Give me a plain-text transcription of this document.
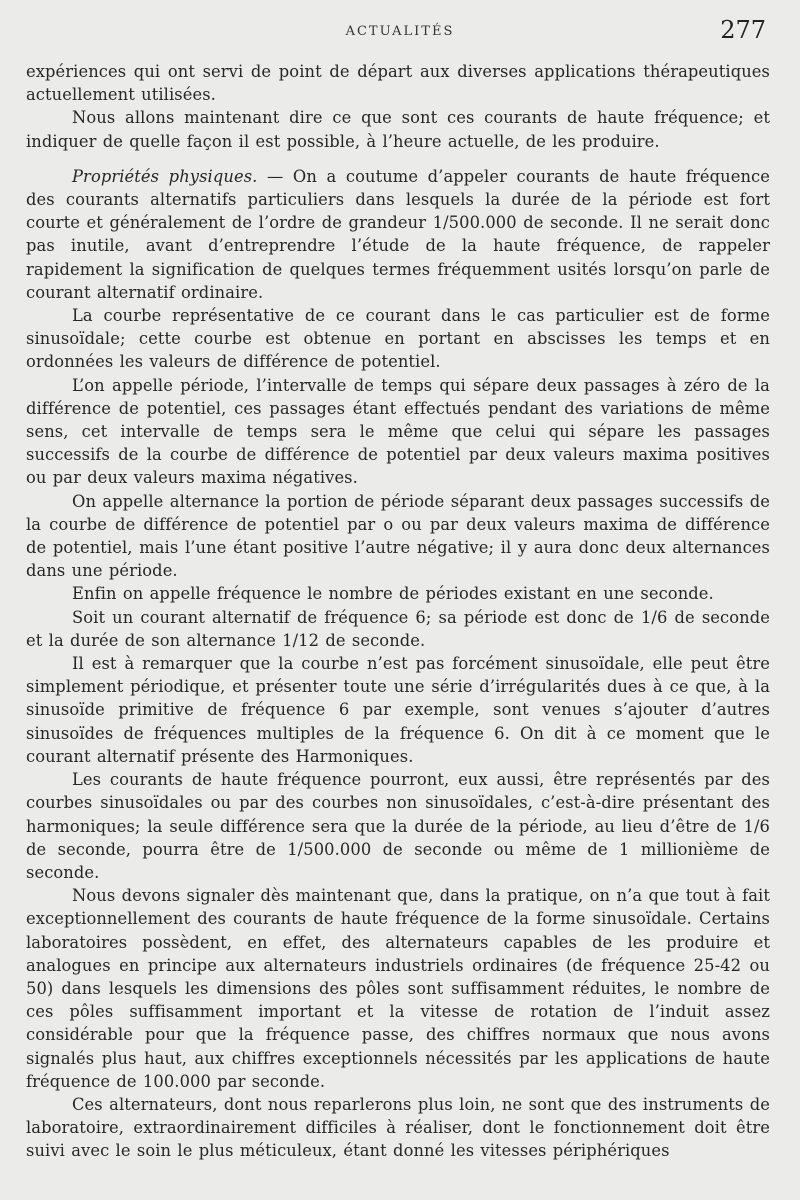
ACTUALITÉS	277

expériences qui ont servi de point de départ aux diverses applications thérapeutiques actuellement utilisées.

Nous allons maintenant dire ce que sont ces courants de haute fréquence; et indiquer de quelle façon il est possible, à l’heure actuelle, de les produire.

Propriétés physiques. — On a coutume d’appeler courants de haute fréquence des courants alternatifs particuliers dans lesquels la durée de la période est fort courte et généralement de l’ordre de grandeur 1/500.000 de seconde. Il ne serait donc pas inutile, avant d’entreprendre l’étude de la haute fréquence, de rappeler rapidement la signification de quelques termes fréquemment usités lorsqu’on parle de courant alternatif ordinaire.

La courbe représentative de ce courant dans le cas particulier est de forme sinusoïdale; cette courbe est obtenue en portant en abscisses les temps et en ordonnées les valeurs de différence de potentiel.

L’on appelle période, l’intervalle de temps qui sépare deux passages à zéro de la différence de potentiel, ces passages étant effectués pendant des variations de même sens, cet intervalle de temps sera le même que celui qui sépare les passages successifs de la courbe de différence de potentiel par deux valeurs maxima positives ou par deux valeurs maxima négatives.

On appelle alternance la portion de période séparant deux passages successifs de la courbe de différence de potentiel par o ou par deux valeurs maxima de différence de potentiel, mais l’une étant positive l’autre négative; il y aura donc deux alternances dans une période.

Enfin on appelle fréquence le nombre de périodes existant en une seconde.

Soit un courant alternatif de fréquence 6; sa période est donc de 1/6 de seconde et la durée de son alternance 1/12 de seconde.

Il est à remarquer que la courbe n’est pas forcément sinusoïdale, elle peut être simplement périodique, et présenter toute une série d’irrégularités dues à ce que, à la sinusoïde primitive de fréquence 6 par exemple, sont venues s’ajouter d’autres sinusoïdes de fréquences multiples de la fréquence 6. On dit à ce moment que le courant alternatif présente des Harmoniques.

Les courants de haute fréquence pourront, eux aussi, être représentés par des courbes sinusoïdales ou par des courbes non sinusoïdales, c’est-à-dire présentant des harmoniques; la seule différence sera que la durée de la période, au lieu d’être de 1/6 de seconde, pourra être de 1/500.000 de seconde ou même de 1 millionième de seconde.

Nous devons signaler dès maintenant que, dans la pratique, on n’a que tout à fait exceptionnellement des courants de haute fréquence de la forme sinusoïdale. Certains laboratoires possèdent, en effet, des alternateurs capables de les produire et analogues en principe aux alternateurs industriels ordinaires (de fréquence 25-42 ou 50) dans lesquels les dimensions des pôles sont suffisamment réduites, le nombre de ces pôles suffisamment important et la vitesse de rotation de l’induit assez considérable pour que la fréquence passe, des chiffres normaux que nous avons signalés plus haut, aux chiffres exceptionnels nécessités par les applications de haute fréquence de 100.000 par seconde.

Ces alternateurs, dont nous reparlerons plus loin, ne sont que des instruments de laboratoire, extraordinairement difficiles à réaliser, dont le fonctionnement doit être suivi avec le soin le plus méticuleux, étant donné les vitesses périphériques
